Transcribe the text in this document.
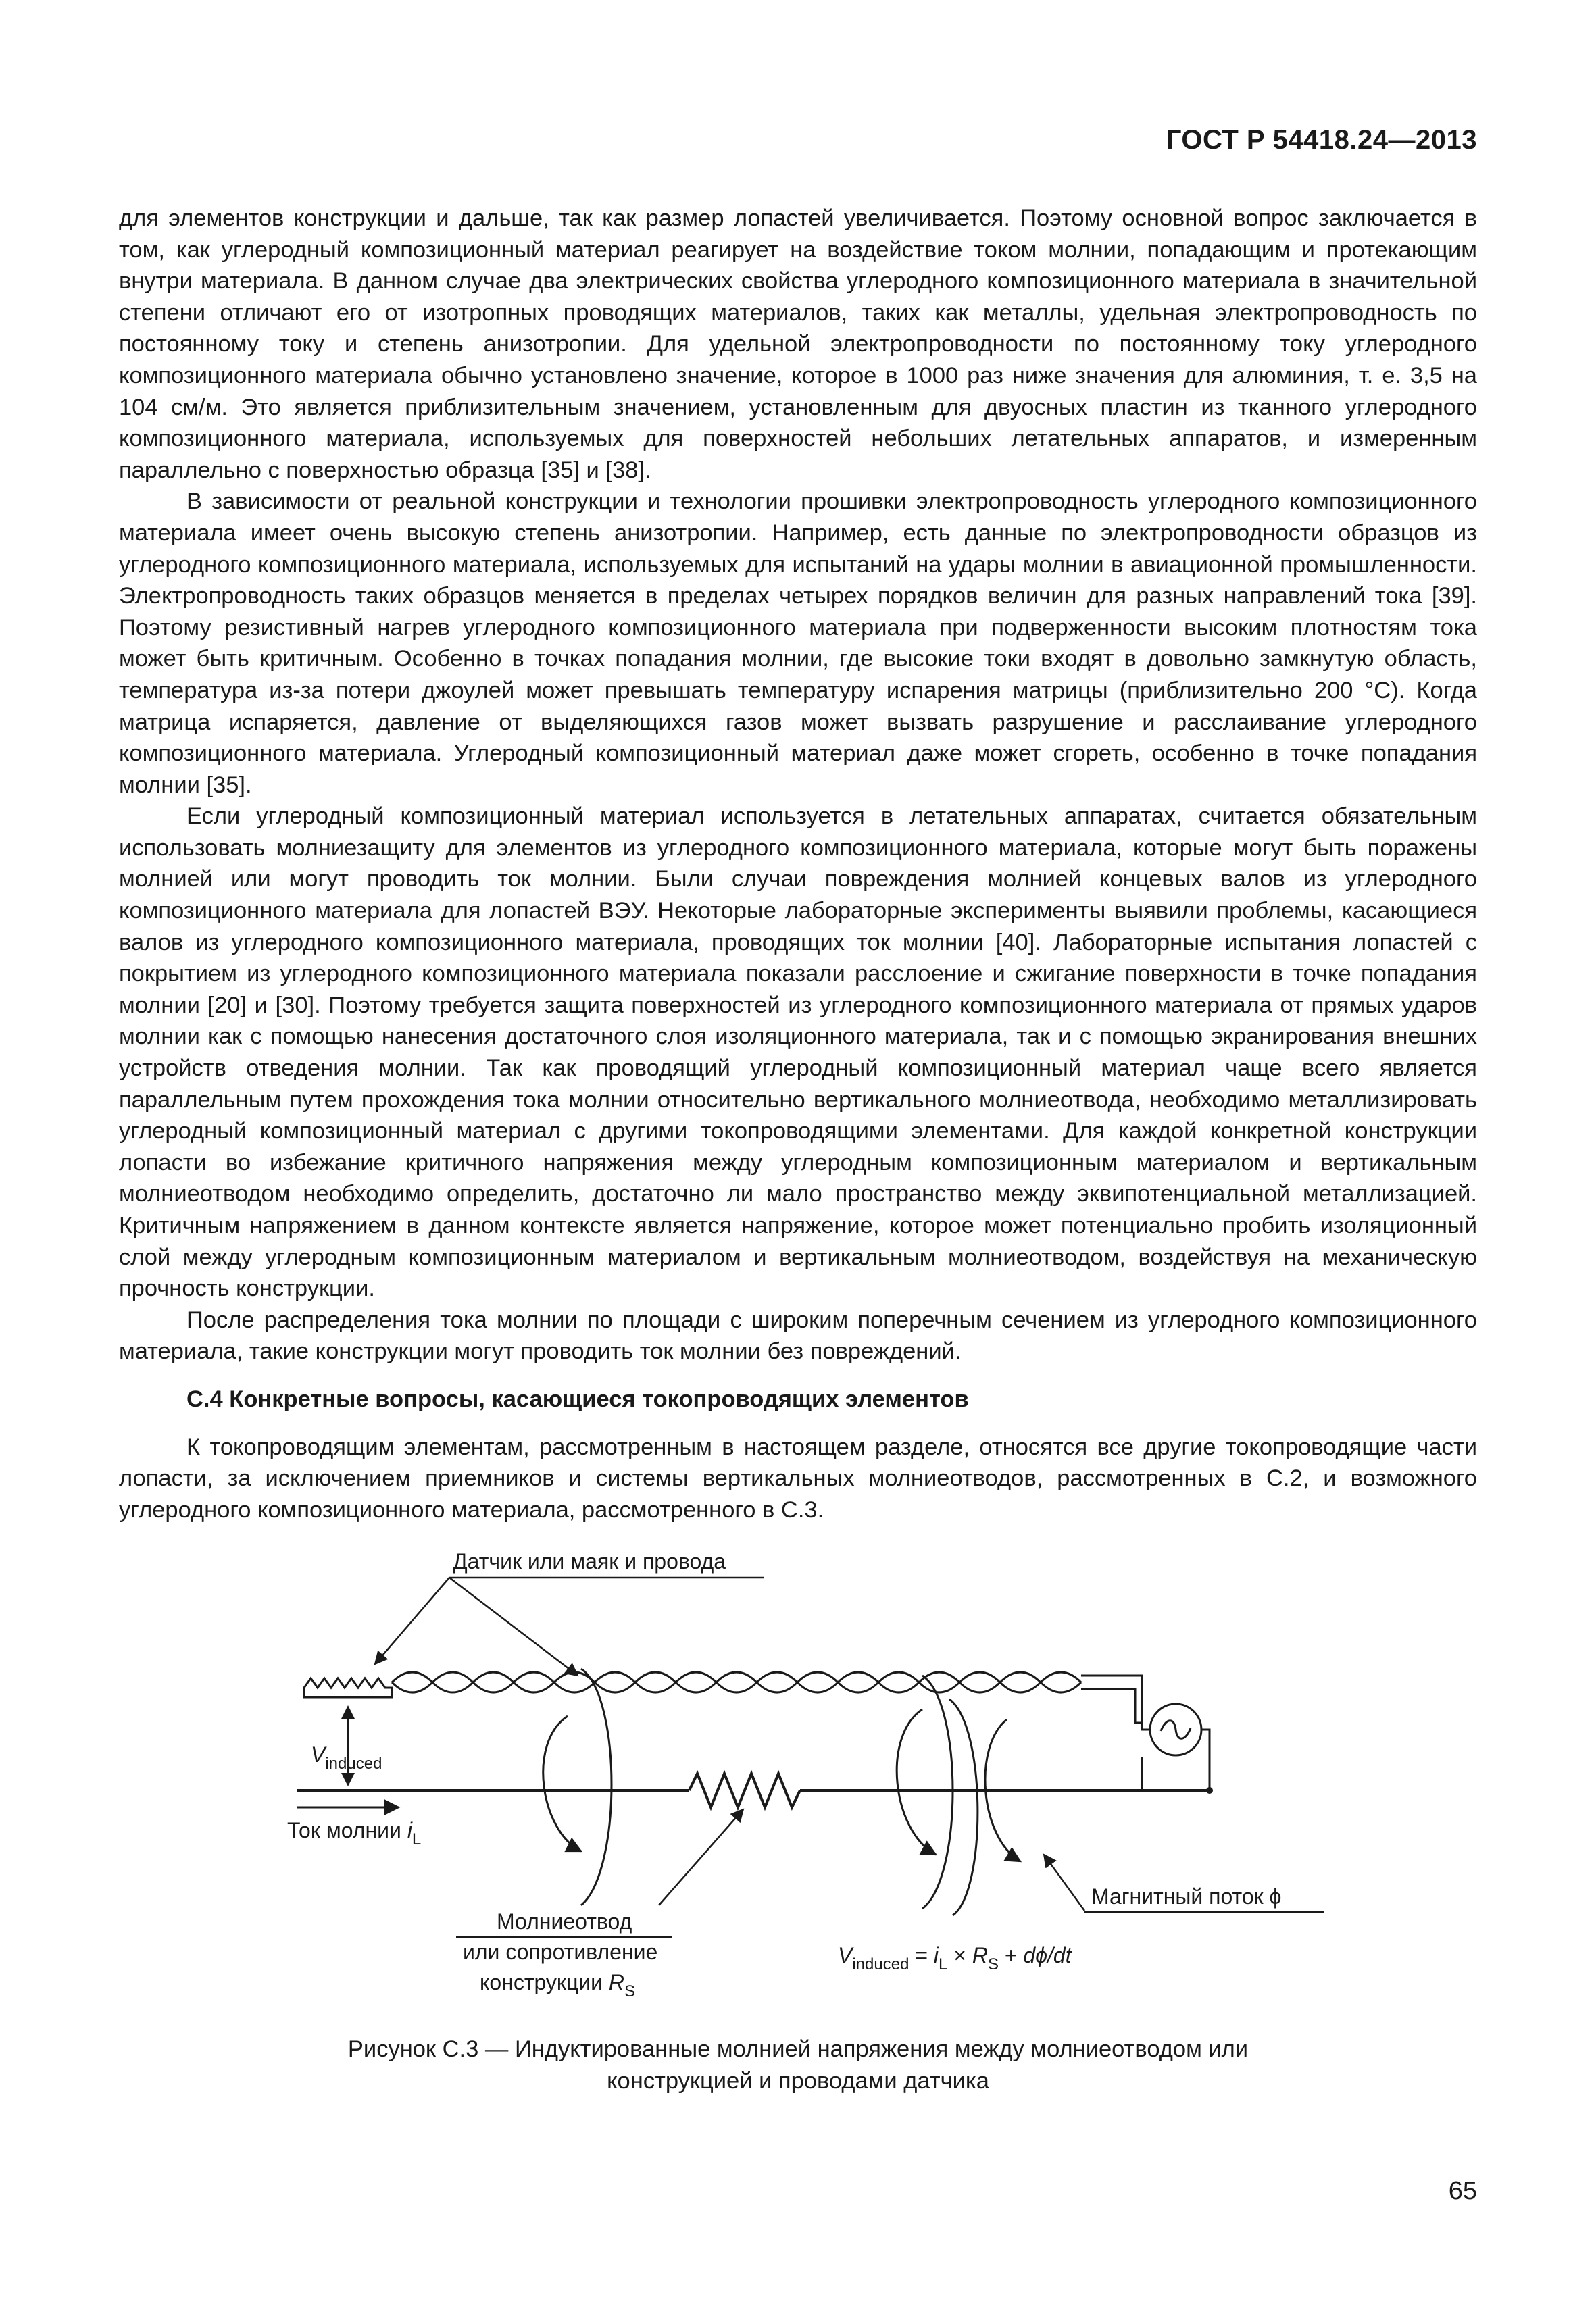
ГОСТ Р 54418.24—2013

для элементов конструкции и дальше, так как размер лопастей увеличивается. Поэтому основной вопрос заключается в том, как углеродный композиционный материал реагирует на воздействие током молнии, попадающим и протекающим внутри материала. В данном случае два электрических свойства углеродного композиционного материала в значительной степени отличают его от изотропных проводящих материалов, таких как металлы, удельная электропроводность по постоянному току и степень анизотропии. Для удельной электропроводности по постоянному току углеродного композиционного материала обычно установлено значение, которое в 1000 раз ниже значения для алюминия, т. е. 3,5 на 104 см/м. Это является приблизительным значением, установленным для двуосных пластин из тканного углеродного композиционного материала, используемых для поверхностей небольших летательных аппаратов, и измеренным параллельно с поверхностью образца [35] и [38].

В зависимости от реальной конструкции и технологии прошивки электропроводность углеродного композиционного материала имеет очень высокую степень анизотропии. Например, есть данные по электропроводности образцов из углеродного композиционного материала, используемых для испытаний на удары молнии в авиационной промышленности. Электропроводность таких образцов меняется в пределах четырех порядков величин для разных направлений тока [39]. Поэтому резистивный нагрев углеродного композиционного материала при подверженности высоким плотностям тока может быть критичным. Особенно в точках попадания молнии, где высокие токи входят в довольно замкнутую область, температура из-за потери джоулей может превышать температуру испарения матрицы (приблизительно 200 °С). Когда матрица испаряется, давление от выделяющихся газов может вызвать разрушение и расслаивание углеродного композиционного материала. Углеродный композиционный материал даже может сгореть, особенно в точке попадания молнии [35].

Если углеродный композиционный материал используется в летательных аппаратах, считается обязательным использовать молниезащиту для элементов из углеродного композиционного материала, которые могут быть поражены молнией или могут проводить ток молнии. Были случаи повреждения молнией концевых валов из углеродного композиционного материала для лопастей ВЭУ. Некоторые лабораторные эксперименты выявили проблемы, касающиеся валов из углеродного композиционного материала, проводящих ток молнии [40]. Лабораторные испытания лопастей с покрытием из углеродного композиционного материала показали расслоение и сжигание поверхности в точке попадания молнии [20] и [30]. Поэтому требуется защита поверхностей из углеродного композиционного материала от прямых ударов молнии как с помощью нанесения достаточного слоя изоляционного материала, так и с помощью экранирования внешних устройств отведения молнии. Так как проводящий углеродный композиционный материал чаще всего является параллельным путем прохождения тока молнии относительно вертикального молниеотвода, необходимо металлизировать углеродный композиционный материал с другими токопроводящими элементами. Для каждой конкретной конструкции лопасти во избежание критичного напряжения между углеродным композиционным материалом и вертикальным молниеотводом необходимо определить, достаточно ли мало пространство между эквипотенциальной металлизацией. Критичным напряжением в данном контексте является напряжение, которое может потенциально пробить изоляционный слой между углеродным композиционным материалом и вертикальным молниеотводом, воздействуя на механическую прочность конструкции.

После распределения тока молнии по площади с широким поперечным сечением из углеродного композиционного материала, такие конструкции могут проводить ток молнии без повреждений.

С.4 Конкретные вопросы, касающиеся токопроводящих элементов

К токопроводящим элементам, рассмотренным в настоящем разделе, относятся все другие токопроводящие части лопасти, за исключением приемников и системы вертикальных молниеотводов, рассмотренных в С.2, и возможного углеродного композиционного материала, рассмотренного в С.3.

Датчик или маяк и провода
$V_{induced}$
Ток молнии $i_L$
Молниеотвод
или сопротивление
конструкции $R_S$
Магнитный поток ϕ
$V_{induced} = i_L \times R_S + d\phi/dt$
Рисунок С.3 — Индуктированные молнией напряжения между молниеотводом или
конструкцией и проводами датчика
65
